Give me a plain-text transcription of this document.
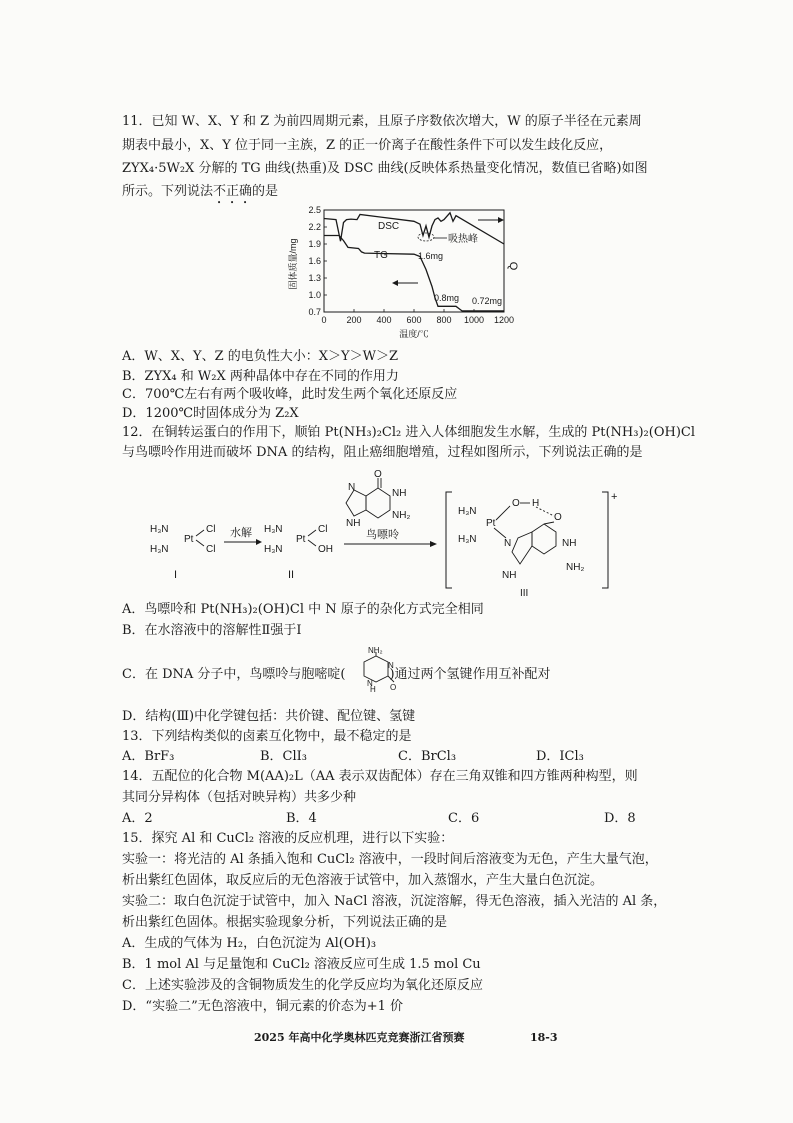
11．已知 W、X、Y 和 Z 为前四周期元素，且原子序数依次增大，W 的原子半径在元素周
期表中最小，X、Y 位于同一主族，Z 的正一价离子在酸性条件下可以发生歧化反应，
ZYX₄·5W₂X 分解的 TG 曲线(热重)及 DSC 曲线(反映体系热量变化情况，数值已省略)如图
所示。下列说法不正确的是
0.7
1.0
1.3
1.6
1.9
2.2
2.5
0 200 400 600 800 1000 1200
DSC
TG
吸热峰
1.6mg
0.8mg 0.72mg
固体质量/mg
温度/℃
Q
A．W、X、Y、Z 的电负性大小：X＞Y＞W＞Z
B．ZYX₄ 和 W₂X 两种晶体中存在不同的作用力
C．700℃左右有两个吸收峰，此时发生两个氧化还原反应
D．1200℃时固体成分为 Z₂X
12．在铜转运蛋白的作用下，顺铂 Pt(NH₃)₂Cl₂ 进入人体细胞发生水解，生成的 Pt(NH₃)₂(OH)Cl
与鸟嘌呤作用进而破坏 DNA 的结构，阻止癌细胞增殖，过程如图所示，下列说法正确的是
H₃N
H₃N
Pt
Cl
Cl
I
水解 H₃N
H₃N
Pt
Cl
OH
II
O
NH
NH₂
N
NH
鸟嘌呤
+
H₃N
H₃N
Pt
O H
O
NH
NH₂
N
NH
III
A．鸟嘌呤和 Pt(NH₃)₂(OH)Cl 中 N 原子的杂化方式完全相同
B．在水溶液中的溶解性Ⅱ强于Ⅰ
C．在 DNA 分子中，鸟嘌呤与胞嘧啶(	)通过两个氢键作用互补配对
NH₂
N
H
N O
D．结构(Ⅲ)中化学键包括：共价键、配位键、氢键
13．下列结构类似的卤素互化物中，最不稳定的是
A．BrF₃	B．ClI₃	C．BrCl₃	D．ICl₃
14．五配位的化合物 M(AA)₂L（AA 表示双齿配体）存在三角双锥和四方锥两种构型，则
其同分异构体（包括对映异构）共多少种
A．2	B．4	C．6	D．8
15．探究 Al 和 CuCl₂ 溶液的反应机理，进行以下实验：
实验一：将光洁的 Al 条插入饱和 CuCl₂ 溶液中，一段时间后溶液变为无色，产生大量气泡，
析出紫红色固体，取反应后的无色溶液于试管中，加入蒸馏水，产生大量白色沉淀。
实验二：取白色沉淀于试管中，加入 NaCl 溶液，沉淀溶解，得无色溶液，插入光洁的 Al 条，
析出紫红色固体。根据实验现象分析，下列说法正确的是
A．生成的气体为 H₂，白色沉淀为 Al(OH)₃
B．1 mol Al 与足量饱和 CuCl₂ 溶液反应可生成 1.5 mol Cu
C．上述实验涉及的含铜物质发生的化学反应均为氧化还原反应
D．“实验二”无色溶液中，铜元素的价态为+1 价
2025 年高中化学奥林匹克竞赛浙江省预赛	18-3
